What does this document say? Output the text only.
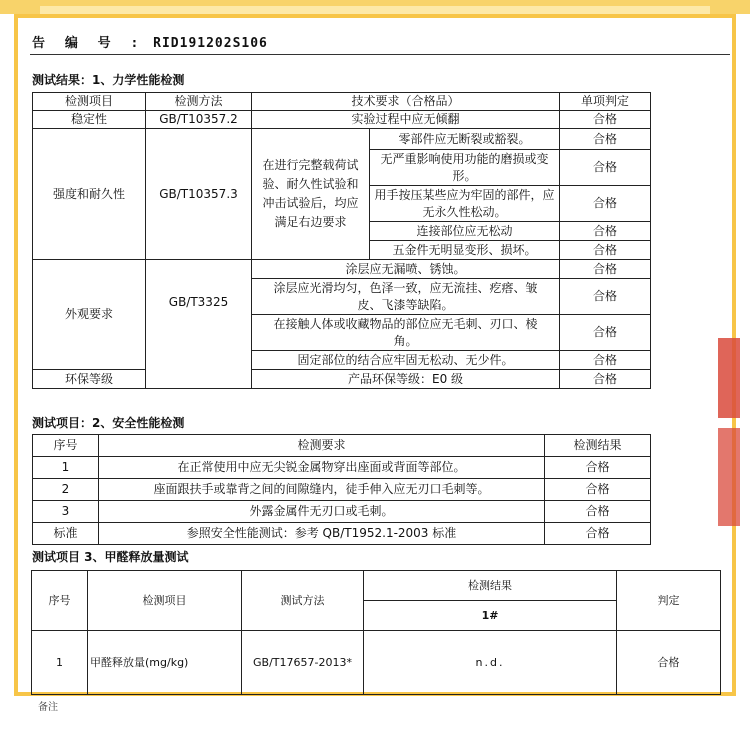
告 编 号 : RID191202S106
测试结果：1、力学性能检测
检测项目	检测方法	技术要求（合格品）		单项判定
稳定性	GB/T10357.2	实验过程中应无倾翻		合格
强度和耐久性	GB/T10357.3	在进行完整载荷试验、耐久性试验和冲击试验后，均应满足右边要求	零部件应无断裂或豁裂。	合格
			无严重影响使用功能的磨损或变形。	合格
			用手按压某些应为牢固的部件，应无永久性松动。	合格
			连接部位应无松动	合格
			五金件无明显变形、损坏。	合格
外观要求	GB/T3325	涂层应无漏喷、锈蚀。		合格
		涂层应光滑均匀，色泽一致，应无流挂、疙瘩、皱皮、飞漆等缺陷。		合格
		在接触人体或收藏物品的部位应无毛刺、刃口、棱角。		合格
		固定部位的结合应牢固无松动、无少件。		合格
环保等级		产品环保等级：E0 级		合格
测试项目：2、安全性能检测
序号	检测要求	检测结果
1	在正常使用中应无尖锐金属物穿出座面或背面等部位。	合格
2	座面跟扶手或靠背之间的间隙缝内，徒手伸入应无刃口毛刺等。	合格
3	外露金属件无刃口或毛刺。	合格
标准	参照安全性能测试：参考 QB/T1952.1-2003 标准	合格
测试项目 3、甲醛释放量测试
序号	检测项目	测试方法	检测结果	判定
			1#	
1	甲醛释放量(mg/kg)	GB/T17657-2013*	n.d.	合格
备注
